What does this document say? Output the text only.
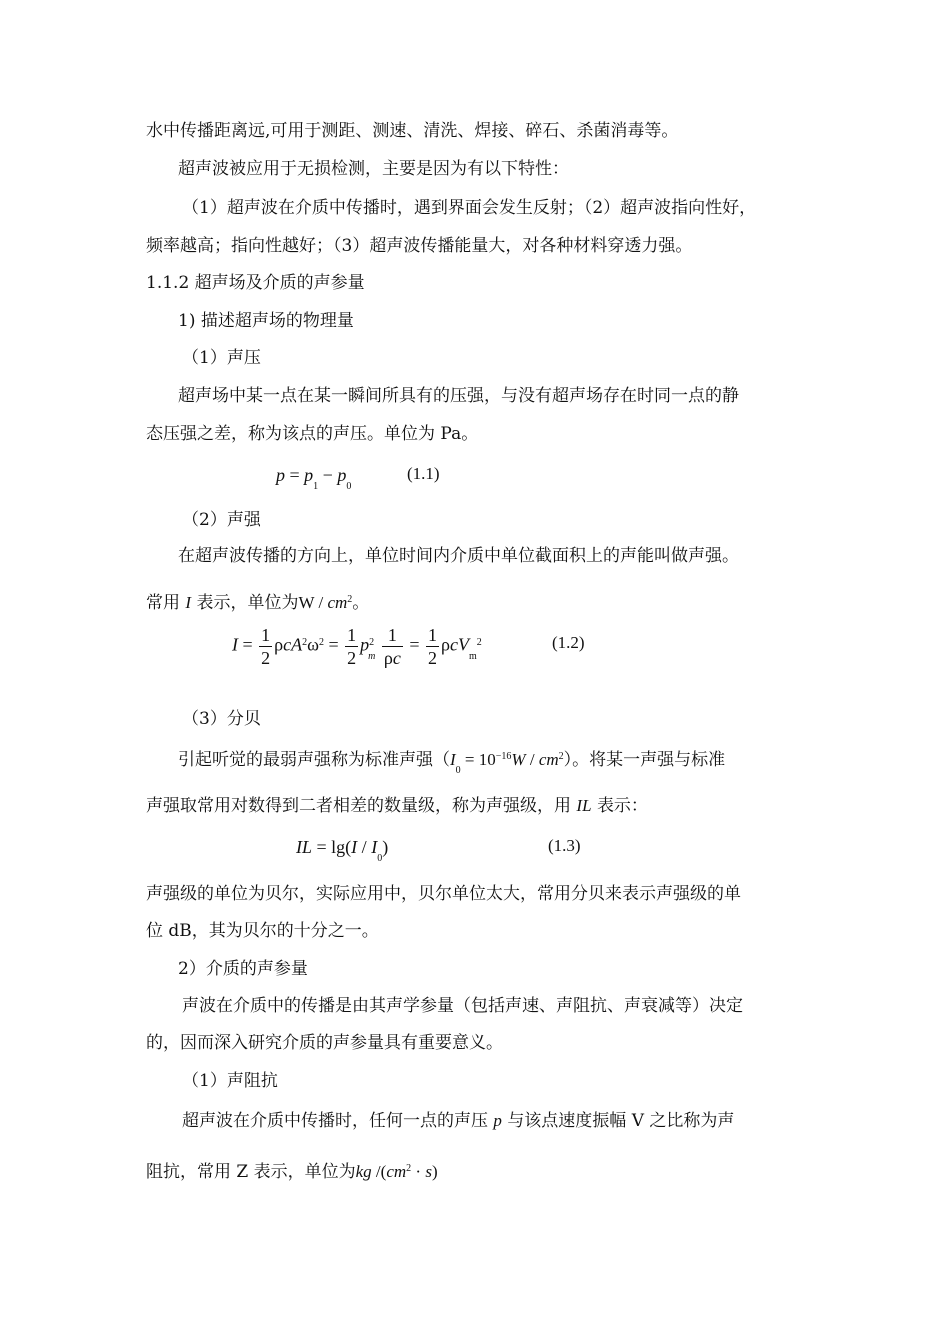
水中传播距离远,可用于测距、测速、清洗、焊接、碎石、杀菌消毒等。
超声波被应用于无损检测，主要是因为有以下特性：
（1）超声波在介质中传播时，遇到界面会发生反射；（2）超声波指向性好，
频率越高；指向性越好；（3）超声波传播能量大，对各种材料穿透力强。
1.1.2 超声场及介质的声参量
1) 描述超声场的物理量
（1）声压
超声场中某一点在某一瞬间所具有的压强，与没有超声场存在时同一点的静
态压强之差，称为该点的声压。单位为 Pa。
$p = p_1 - p_0$
(1.1)
（2）声强
在超声波传播的方向上，单位时间内介质中单位截面积上的声能叫做声强。
常用 I 表示，单位为W / $cm^2$。
$I = \frac{1}{2} \rho cA^2\omega^2 = \frac{1}{2} p^2_m \frac{1}{\rho c} = \frac{1}{2} \rho cV_m^2$	(1.2)
（3）分贝
引起听觉的最弱声强称为标准声强$(I_0 = 10^{-16}W / cm^2)$。将某一声强与标准
声强取常用对数得到二者相差的数量级，称为声强级，用 IL 表示：
IL = $\lg(I / I_0)$	(1.3)
声强级的单位为贝尔，实际应用中，贝尔单位太大，常用分贝来表示声强级的单
位 dB，其为贝尔的十分之一。
2）介质的声参量
声波在介质中的传播是由其声学参量（包括声速、声阻抗、声衰减等）决定
的，因而深入研究介质的声参量具有重要意义。
（1）声阻抗
超声波在介质中传播时，任何一点的声压 p 与该点速度振幅 V 之比称为声
阻抗，常用 Z 表示，单位为kg $/(cm^2 \cdot s)$
